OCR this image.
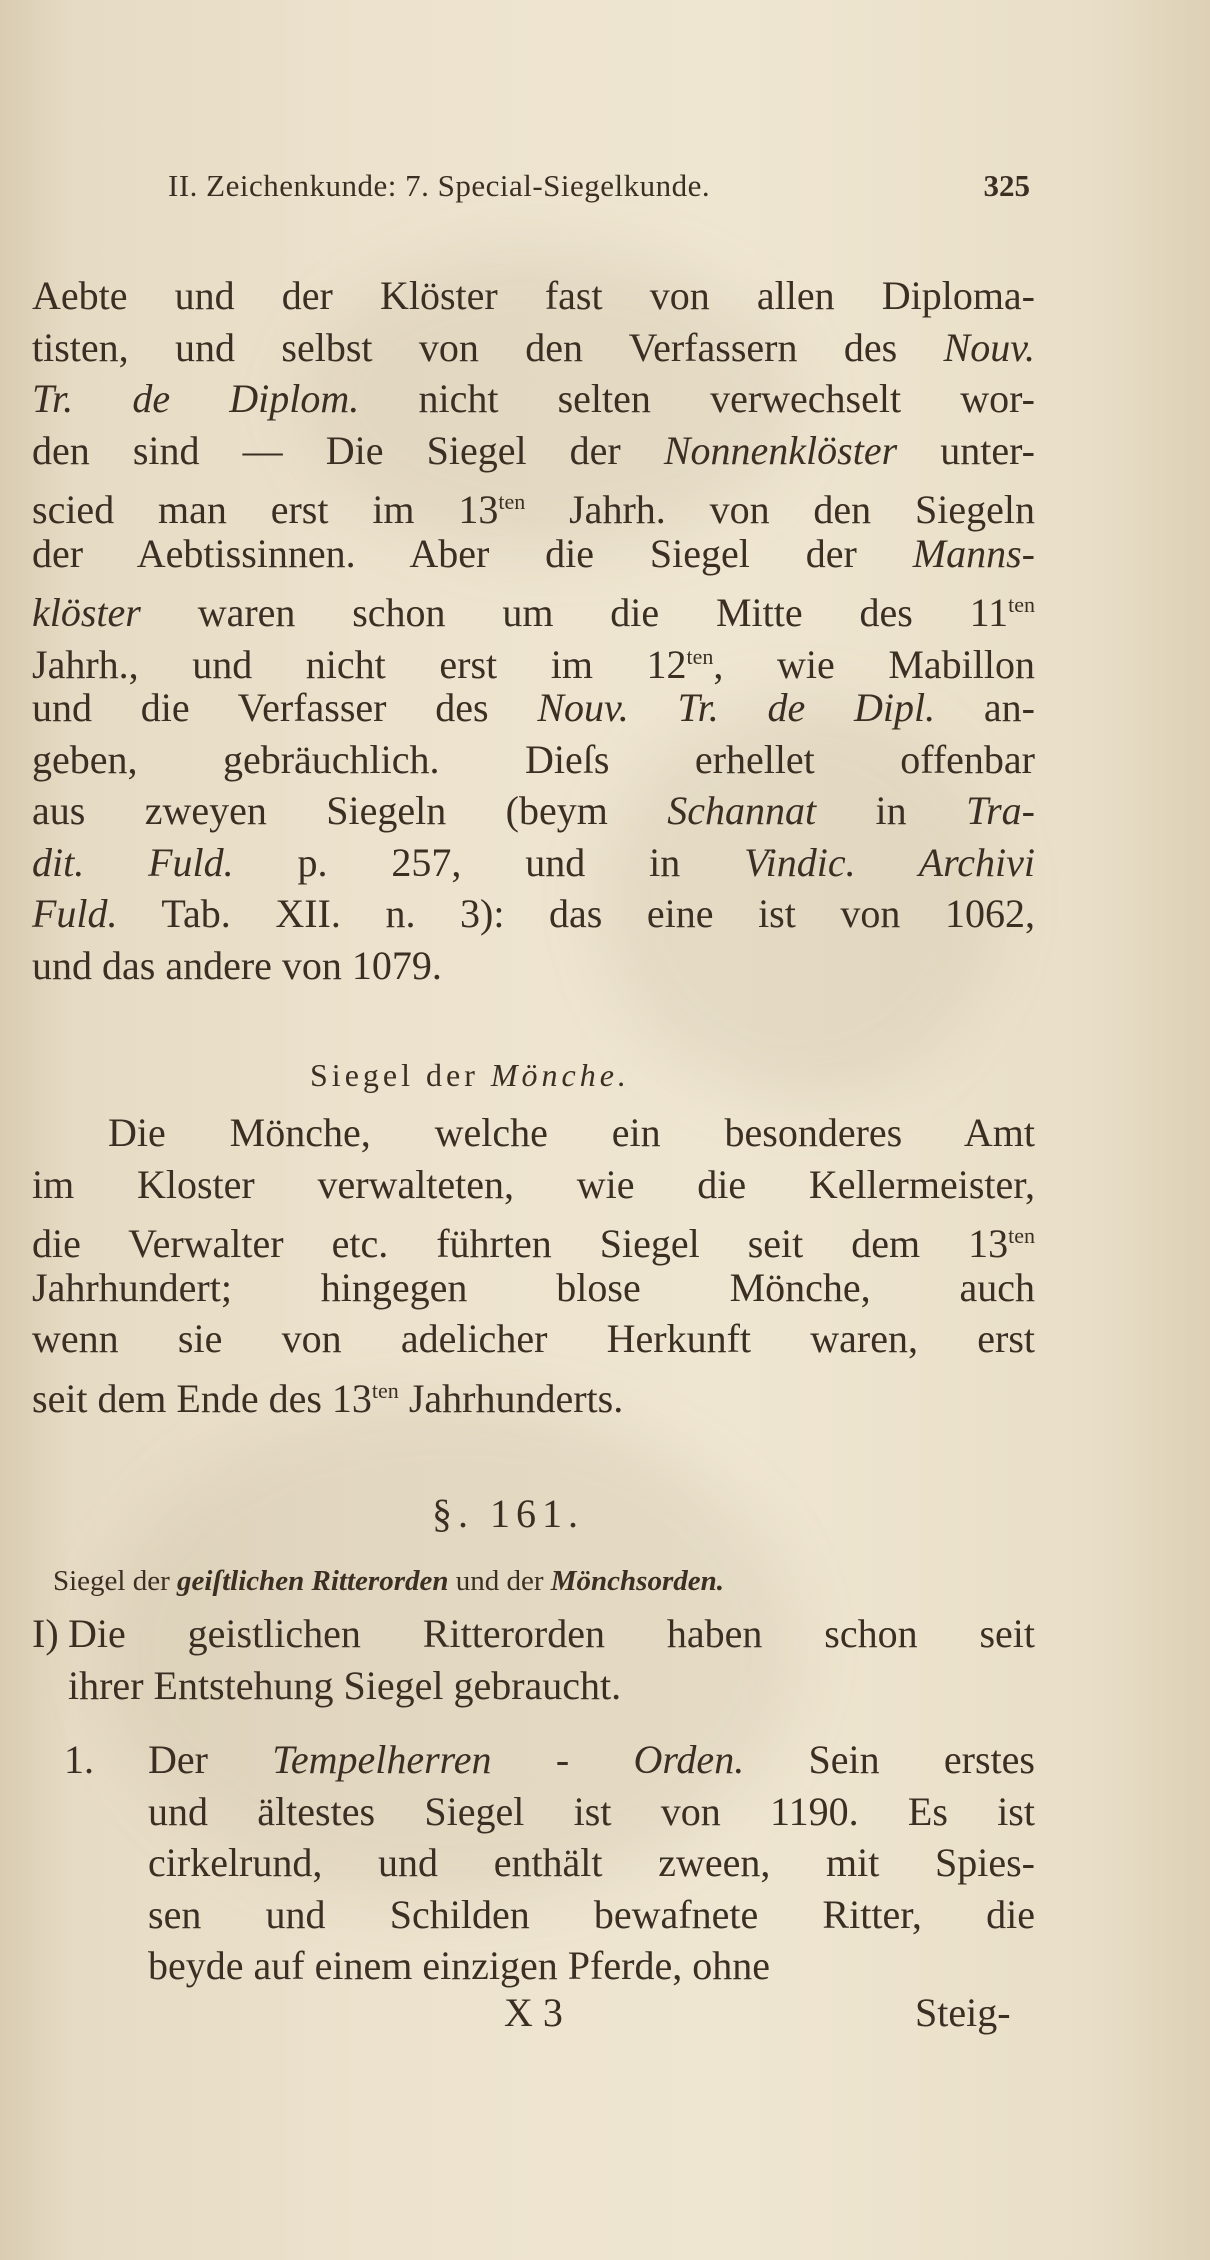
II. Zeichenkunde: 7. Special-Siegelkunde.	325
Aebte und der Klöster fast von allen Diploma-
tisten, und selbst von den Verfassern des Nouv.
Tr. de Diplom. nicht selten verwechselt wor-
den sind — Die Siegel der Nonnenklöster unter-
scied man erst im $13^{ten}$ Jahrh. von den Siegeln
der Aebtissinnen. Aber die Siegel der Manns-
klöster waren schon um die Mitte des $11^{ten}$
Jahrh., und nicht erst im $12^{ten}$, wie Mabillon
und die Verfasser des Nouv. Tr. de Dipl. an-
geben, gebräuchlich. Dieſs erhellet offenbar
aus zweyen Siegeln (beym Schannat in Tra-
dit. Fuld. p. 257, und in Vindic. Archivi
Fuld. Tab. XII. n. 3): das eine ist von 1062,
und das andere von 1079.
Siegel der Mönche.
Die Mönche, welche ein besonderes Amt
im Kloster verwalteten, wie die Kellermeister,
die Verwalter etc. führten Siegel seit dem $13^{ten}$
Jahrhundert; hingegen blose Mönche, auch
wenn sie von adelicher Herkunft waren, erst
seit dem Ende des $13^{ten}$ Jahrhunderts.
§. 161.
Siegel der geiſtlichen Ritterorden und der Mönchsorden.
I) Die geistlichen Ritterorden haben schon seit
ihrer Entstehung Siegel gebraucht.
1. Der Tempelherren - Orden. Sein erstes
und ältestes Siegel ist von 1190. Es ist
cirkelrund, und enthält zween, mit Spies-
sen und Schilden bewafnete Ritter, die
beyde auf einem einzigen Pferde, ohne
X 3	Steig-
